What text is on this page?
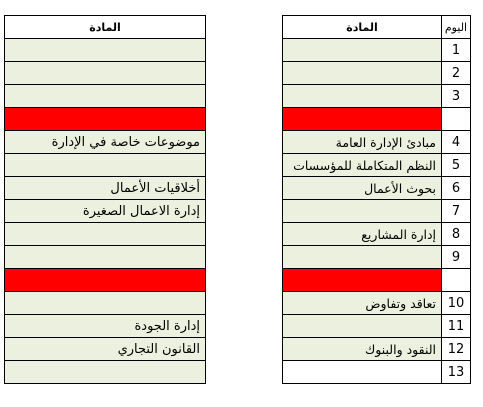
المادة

موضوعات خاصة في الإدارة

أخلاقيات الأعمال
إدارة الاعمال الصغيرة

إدارة الجودة
القانون التجاري

المادة	اليوم
	1
	2
	3

مبادئ الإدارة العامة	4
النظم المتكاملة للمؤسسات	5
بحوث الأعمال	6
	7
إدارة المشاريع	8
	9

تعاقد وتفاوض	10
	11
النقود والبنوك	12
	13
